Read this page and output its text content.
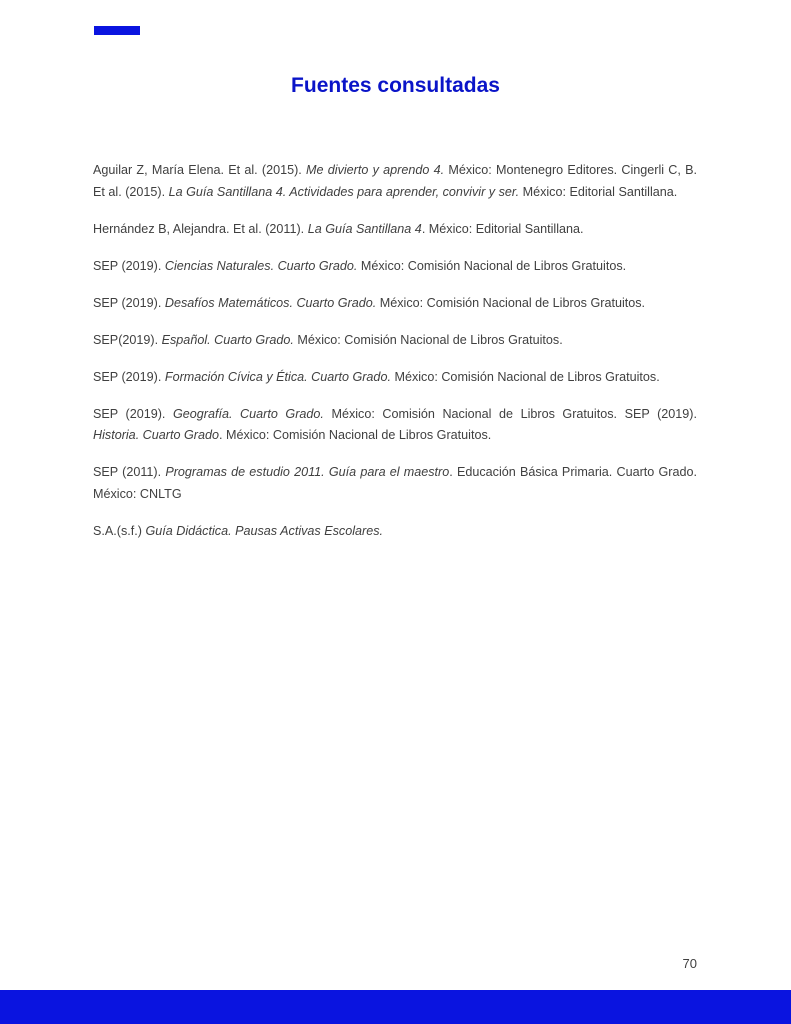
Fuentes consultadas
Aguilar Z, María Elena. Et al. (2015). Me divierto y aprendo 4. México: Montenegro Editores. Cingerli C, B. Et al. (2015). La Guía Santillana 4. Actividades para aprender, convivir y ser. México: Editorial Santillana.
Hernández B, Alejandra. Et al. (2011). La Guía Santillana 4. México: Editorial Santillana.
SEP (2019). Ciencias Naturales. Cuarto Grado. México: Comisión Nacional de Libros Gratuitos.
SEP (2019). Desafíos Matemáticos. Cuarto Grado. México: Comisión Nacional de Libros Gratuitos.
SEP(2019). Español. Cuarto Grado. México: Comisión Nacional de Libros Gratuitos.
SEP (2019). Formación Cívica y Ética. Cuarto Grado. México: Comisión Nacional de Libros Gratuitos.
SEP (2019). Geografía. Cuarto Grado. México: Comisión Nacional de Libros Gratuitos. SEP (2019). Historia. Cuarto Grado. México: Comisión Nacional de Libros Gratuitos.
SEP (2011). Programas de estudio 2011. Guía para el maestro. Educación Básica Primaria. Cuarto Grado. México: CNLTG
S.A.(s.f.) Guía Didáctica. Pausas Activas Escolares.
70
